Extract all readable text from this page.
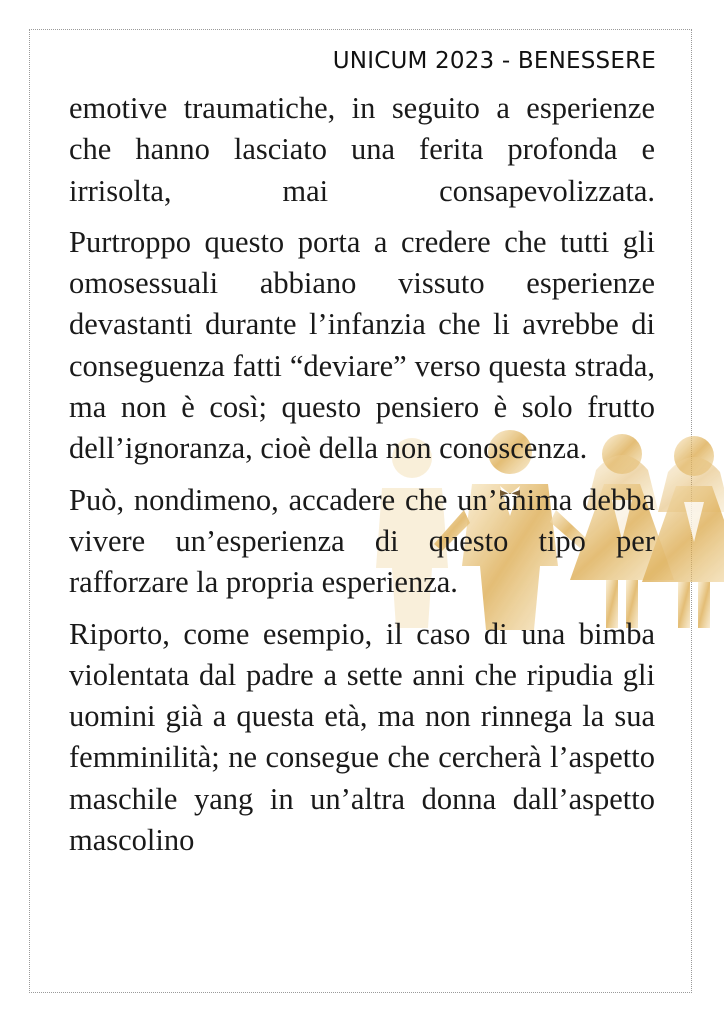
UNICUM 2023 - BENESSERE

emotive traumatiche, in seguito a esperienze che hanno lasciato una ferita profonda e irrisolta, mai consapevolizzata.

Purtroppo questo porta a credere che tutti gli omosessuali abbiano vissuto esperienze devastanti durante l’infanzia che li avrebbe di conseguenza fatti “deviare” verso questa strada, ma non è così; questo pensiero è solo frutto dell’ignoranza, cioè della non conoscenza.

Può, nondimeno, accadere che un’anima debba vivere un’esperienza di questo tipo per rafforzare la propria esperienza.

Riporto, come esempio, il caso di una bimba violentata dal padre a sette anni che ripudia gli uomini già a questa età, ma non rinnega la sua femminilità; ne consegue che cercherà l’aspetto maschile yang in un’altra donna dall’aspetto mascolino
